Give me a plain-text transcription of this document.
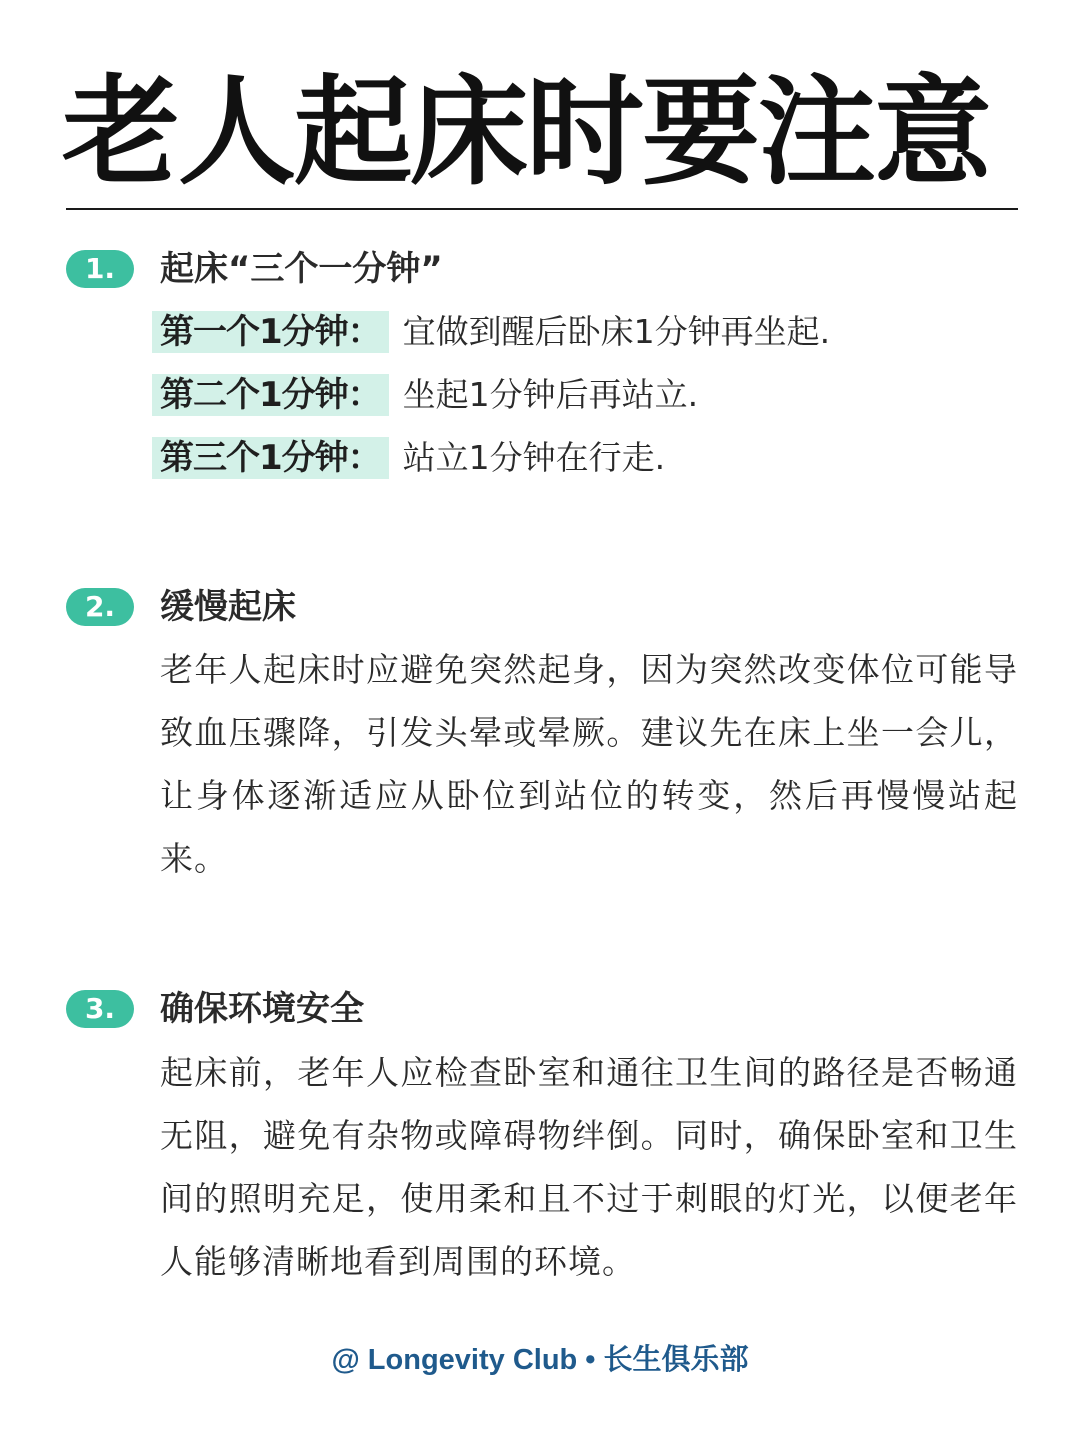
老人起床时要注意
1.	起床“三个一分钟”
第一个1分钟： 宜做到醒后卧床1分钟再坐起.
第二个1分钟： 坐起1分钟后再站立.
第三个1分钟： 站立1分钟在行走.
2.	缓慢起床
老年人起床时应避免突然起身，因为突然改变体位可能导致血压骤降，引发头晕或晕厥。建议先在床上坐一会儿，让身体逐渐适应从卧位到站位的转变，然后再慢慢站起来。
3.	确保环境安全
起床前，老年人应检查卧室和通往卫生间的路径是否畅通无阻，避免有杂物或障碍物绊倒。同时，确保卧室和卫生间的照明充足，使用柔和且不过于刺眼的灯光，以便老年人能够清晰地看到周围的环境。
@ Longevity Club • 长生俱乐部
